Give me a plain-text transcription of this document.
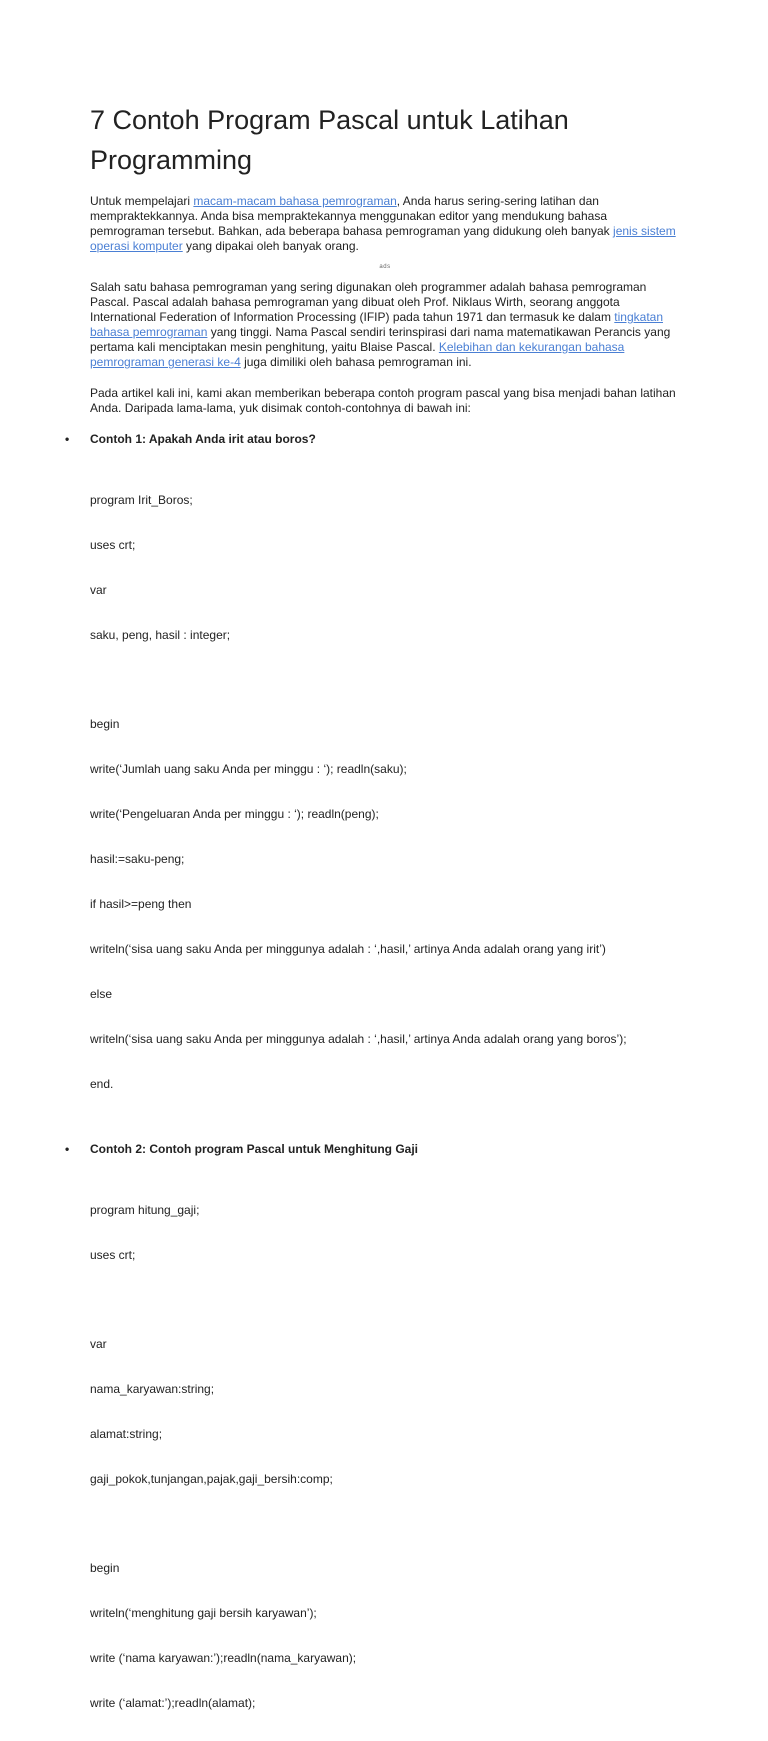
7 Contoh Program Pascal untuk Latihan Programming

Untuk mempelajari macam-macam bahasa pemrograman, Anda harus sering-sering latihan dan mempraktekkannya. Anda bisa mempraktekannya menggunakan editor yang mendukung bahasa pemrograman tersebut. Bahkan, ada beberapa bahasa pemrograman yang didukung oleh banyak jenis sistem operasi komputer yang dipakai oleh banyak orang.

ads

Salah satu bahasa pemrograman yang sering digunakan oleh programmer adalah bahasa pemrograman Pascal. Pascal adalah bahasa pemrograman yang dibuat oleh Prof. Niklaus Wirth, seorang anggota International Federation of Information Processing (IFIP) pada tahun 1971 dan termasuk ke dalam tingkatan bahasa pemrograman yang tinggi. Nama Pascal sendiri terinspirasi dari nama matematikawan Perancis yang pertama kali menciptakan mesin penghitung, yaitu Blaise Pascal. Kelebihan dan kekurangan bahasa pemrograman generasi ke-4 juga dimiliki oleh bahasa pemrograman ini.

Pada artikel kali ini, kami akan memberikan beberapa contoh program pascal yang bisa menjadi bahan latihan Anda. Daripada lama-lama, yuk disimak contoh-contohnya di bawah ini:

• Contoh 1: Apakah Anda irit atau boros?

program Irit_Boros;

uses crt;

var

saku, peng, hasil : integer;

begin

write(‘Jumlah uang saku Anda per minggu : ‘); readln(saku);

write(‘Pengeluaran Anda per minggu : ‘); readln(peng);

hasil:=saku-peng;

if hasil>=peng then

writeln(‘sisa uang saku Anda per minggunya adalah : ‘,hasil,’ artinya Anda adalah orang yang irit’)

else

writeln(‘sisa uang saku Anda per minggunya adalah : ‘,hasil,’ artinya Anda adalah orang yang boros’);

end.

• Contoh 2: Contoh program Pascal untuk Menghitung Gaji

program hitung_gaji;

uses crt;

var

nama_karyawan:string;

alamat:string;

gaji_pokok,tunjangan,pajak,gaji_bersih:comp;

begin

writeln(‘menghitung gaji bersih karyawan’);

write (‘nama karyawan:’);readln(nama_karyawan);

write (‘alamat:’);readln(alamat);
